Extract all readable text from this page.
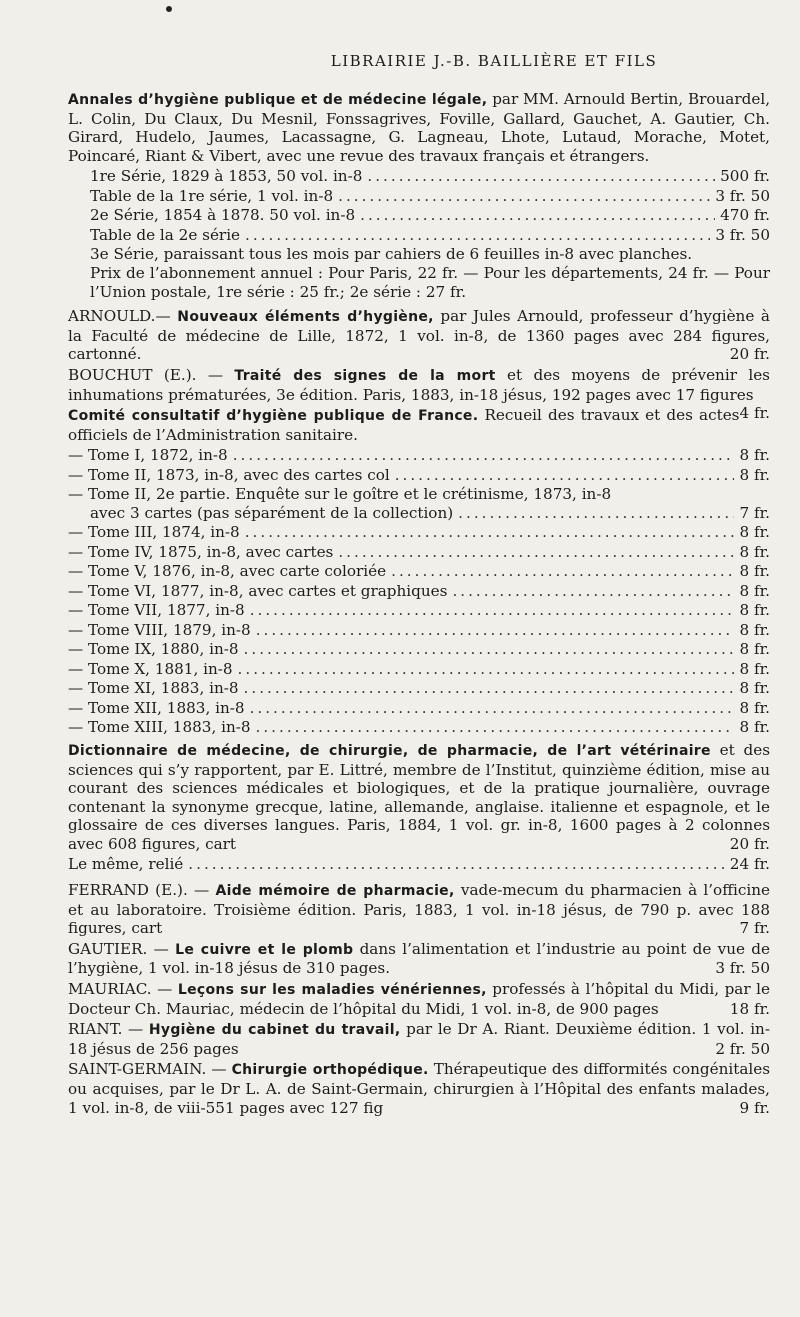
LIBRAIRIE J.-B. BAILLIÈRE ET FILS
Annales d’hygiène publique et de médecine légale, par MM. Arnould Bertin, Brouardel, L. Colin, Du Claux, Du Mesnil, Fonssagrives, Foville, Gallard, Gauchet, A. Gautier, Ch. Girard, Hudelo, Jaumes, Lacassagne, G. Lagneau, Lhote, Lutaud, Morache, Motet, Poincaré, Riant & Vibert, avec une revue des travaux français et étrangers.
1re Série, 1829 à 1853, 50 vol. in-8 .....	500 fr.
Table de la 1re série, 1 vol. in-8 .....	3 fr. 50
2e Série, 1854 à 1878. 50 vol. in-8 .....	470 fr.
Table de la 2e série .....	3 fr. 50
3e Série, paraissant tous les mois par cahiers de 6 feuilles in-8 avec planches.
Prix de l’abonnement annuel : Pour Paris, 22 fr. — Pour les départements, 24 fr. — Pour l’Union postale, 1re série : 25 fr.; 2e série : 27 fr.
ARNOULD.— Nouveaux éléments d’hygiène, par Jules Arnould, professeur d’hygiène à la Faculté de médecine de Lille, 1872, 1 vol. in-8, de 1360 pages avec 284 figures, cartonné.	20 fr.
BOUCHUT (E.). — Traité des signes de la mort et des moyens de prévenir les inhumations prématurées, 3e édition. Paris, 1883, in-18 jésus, 192 pages avec 17 figures
4 fr.
Comité consultatif d’hygiène publique de France. Recueil des travaux et des actes officiels de l’Administration sanitaire.
— Tome I, 1872, in-8 .....	8 fr.
— Tome II, 1873, in-8, avec des cartes col .....	8 fr.
— Tome II, 2e partie. Enquête sur le goître et le crétinisme, 1873, in-8
avec 3 cartes (pas séparément de la collection) .....	7 fr.
— Tome III, 1874, in-8 .....	8 fr.
— Tome IV, 1875, in-8, avec cartes .....	8 fr.
— Tome V, 1876, in-8, avec carte coloriée .....	8 fr.
— Tome VI, 1877, in-8, avec cartes et graphiques .....	8 fr.
— Tome VII, 1877, in-8 .....	8 fr.
— Tome VIII, 1879, in-8 .....	8 fr.
— Tome IX, 1880, in-8 .....	8 fr.
— Tome X, 1881, in-8 .....	8 fr.
— Tome XI, 1883, in-8 .....	8 fr.
— Tome XII, 1883, in-8 .....	8 fr.
— Tome XIII, 1883, in-8 .....	8 fr.
Dictionnaire de médecine, de chirurgie, de pharmacie, de l’art vétérinaire et des sciences qui s’y rapportent, par E. Littré, membre de l’Institut, quinzième édition, mise au courant des sciences médicales et biologiques, et de la pratique journalière, ouvrage contenant la synonyme grecque, latine, allemande, anglaise. italienne et espagnole, et le glossaire de ces diverses langues. Paris, 1884, 1 vol. gr. in-8, 1600 pages à 2 colonnes avec 608 figures, cart	20 fr.
Le même, relié .....	24 fr.
FERRAND (E.). — Aide mémoire de pharmacie, vade-mecum du pharmacien à l’officine et au laboratoire. Troisième édition. Paris, 1883, 1 vol. in-18 jésus, de 790 p. avec 188 figures, cart	7 fr.
GAUTIER. — Le cuivre et le plomb dans l’alimentation et l’industrie au point de vue de l’hygiène, 1 vol. in-18 jésus de 310 pages.	3 fr. 50
MAURIAC. — Leçons sur les maladies vénériennes, professés à l’hôpital du Midi, par le Docteur Ch. Mauriac, médecin de l’hôpital du Midi, 1 vol. in-8, de 900 pages	18 fr.
RIANT. — Hygiène du cabinet du travail, par le Dr A. Riant. Deuxième édition. 1 vol. in-18 jésus de 256 pages	2 fr. 50
SAINT-GERMAIN. — Chirurgie orthopédique. Thérapeutique des difformités congénitales ou acquises, par le Dr L. A. de Saint-Germain, chirurgien à l’Hôpital des enfants malades, 1 vol. in-8, de viii-551 pages avec 127 fig	9 fr.
